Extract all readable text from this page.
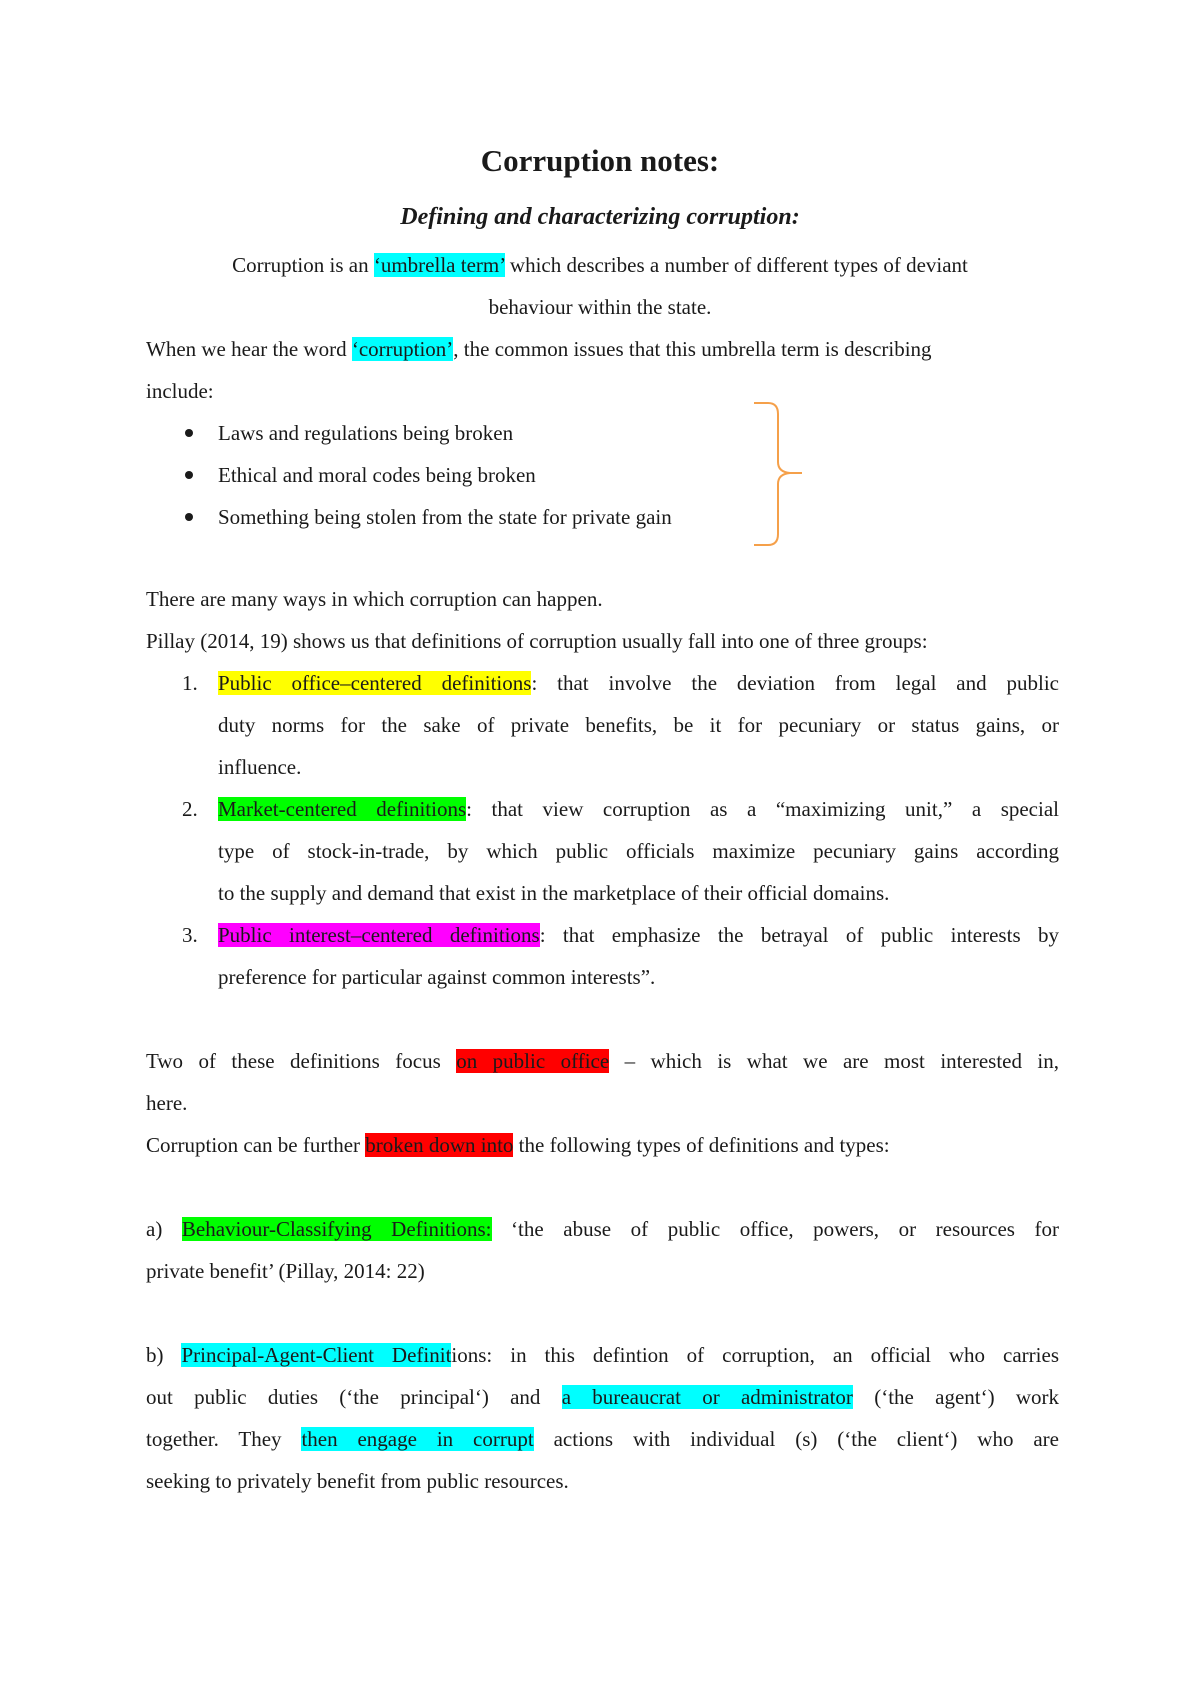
Corruption notes:
Defining and characterizing corruption:
Corruption is an ‘umbrella term’ which describes a number of different types of deviant
behaviour within the state.
When we hear the word ‘corruption’, the common issues that this umbrella term is describing
include:
Laws and regulations being broken
Ethical and moral codes being broken
Something being stolen from the state for private gain
There are many ways in which corruption can happen.
Pillay (2014, 19) shows us that definitions of corruption usually fall into one of three groups:
1. Public office–centered definitions: that involve the deviation from legal and public
duty norms for the sake of private benefits, be it for pecuniary or status gains, or
influence.
2. Market-centered definitions: that view corruption as a “maximizing unit,” a special
type of stock-in-trade, by which public officials maximize pecuniary gains according
to the supply and demand that exist in the marketplace of their official domains.
3. Public interest–centered definitions: that emphasize the betrayal of public interests by
preference for particular against common interests”.
Two of these definitions focus on public office – which is what we are most interested in,
here.
Corruption can be further broken down into the following types of definitions and types:
a) Behaviour-Classifying Definitions: ‘the abuse of public office, powers, or resources for
private benefit’ (Pillay, 2014: 22)
b) Principal-Agent-Client Definitions: in this defintion of corruption, an official who carries
out public duties (‘the principal‘) and a bureaucrat or administrator (‘the agent‘) work
together. They then engage in corrupt actions with individual (s) (‘the client‘) who are
seeking to privately benefit from public resources.
